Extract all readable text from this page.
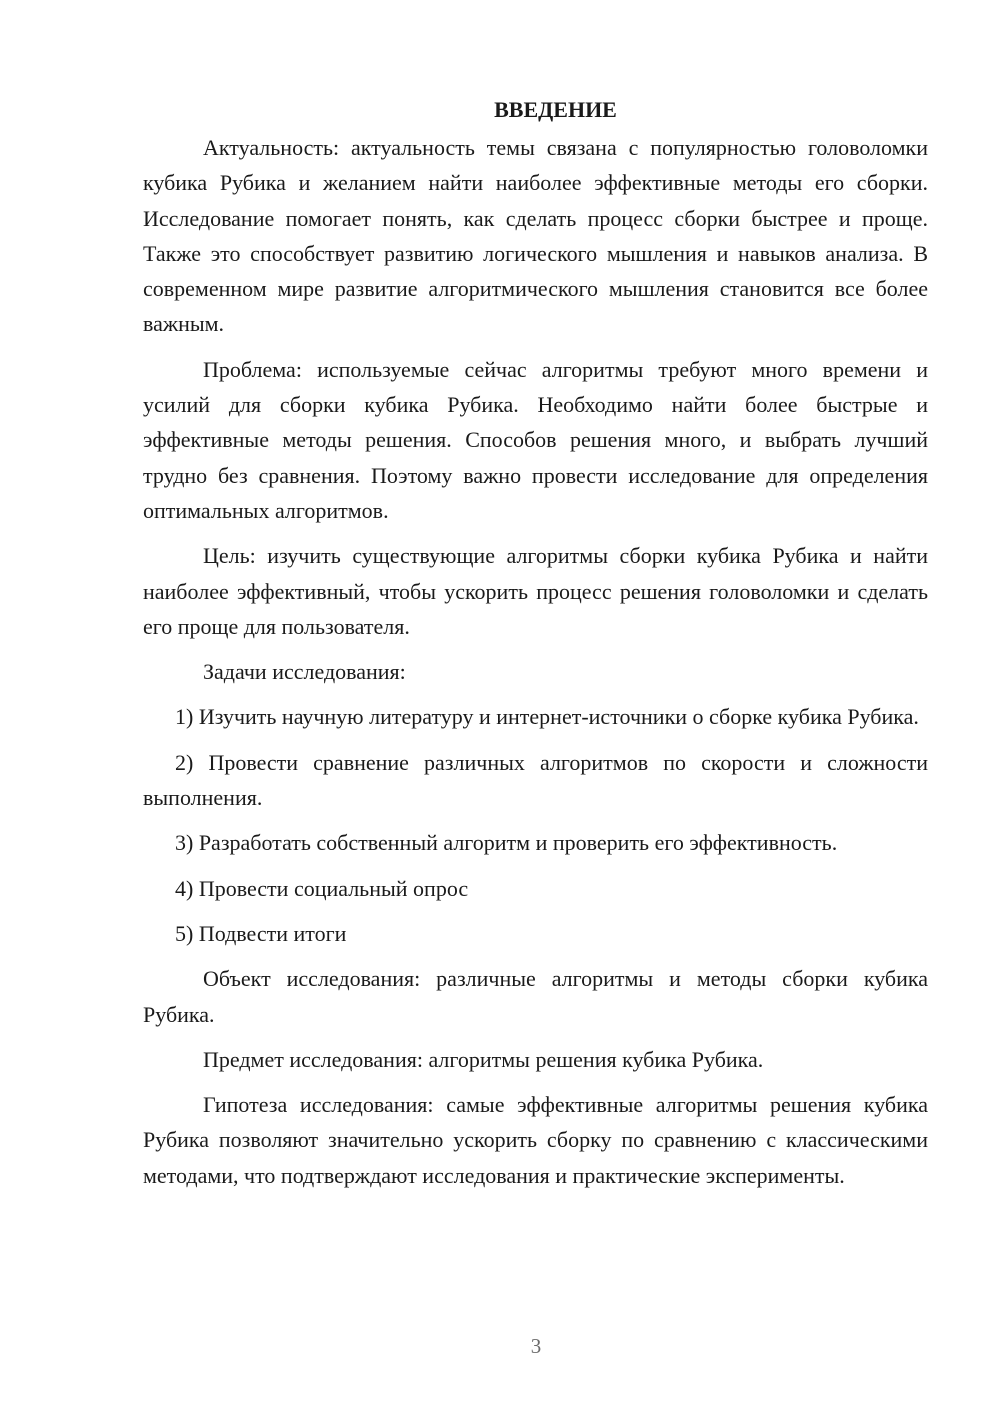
ВВЕДЕНИЕ

Актуальность: актуальность темы связана с популярностью головоломки кубика Рубика и желанием найти наиболее эффективные методы его сборки. Исследование помогает понять, как сделать процесс сборки быстрее и проще. Также это способствует развитию логического мышления и навыков анализа. В современном мире развитие алгоритмического мышления становится все более важным.

Проблема: используемые сейчас алгоритмы требуют много времени и усилий для сборки кубика Рубика. Необходимо найти более быстрые и эффективные методы решения. Способов решения много, и выбрать лучший трудно без сравнения. Поэтому важно провести исследование для определения оптимальных алгоритмов.

Цель: изучить существующие алгоритмы сборки кубика Рубика и найти наиболее эффективный, чтобы ускорить процесс решения головоломки и сделать его проще для пользователя.

Задачи исследования:

1) Изучить научную литературу и интернет-источники о сборке кубика Рубика.

2) Провести сравнение различных алгоритмов по скорости и сложности выполнения.

3) Разработать собственный алгоритм и проверить его эффективность.

4) Провести социальный опрос

5) Подвести итоги

Объект исследования: различные алгоритмы и методы сборки кубика Рубика.

Предмет исследования: алгоритмы решения кубика Рубика.

Гипотеза исследования: самые эффективные алгоритмы решения кубика Рубика позволяют значительно ускорить сборку по сравнению с классическими методами, что подтверждают исследования и практические эксперименты.

3
